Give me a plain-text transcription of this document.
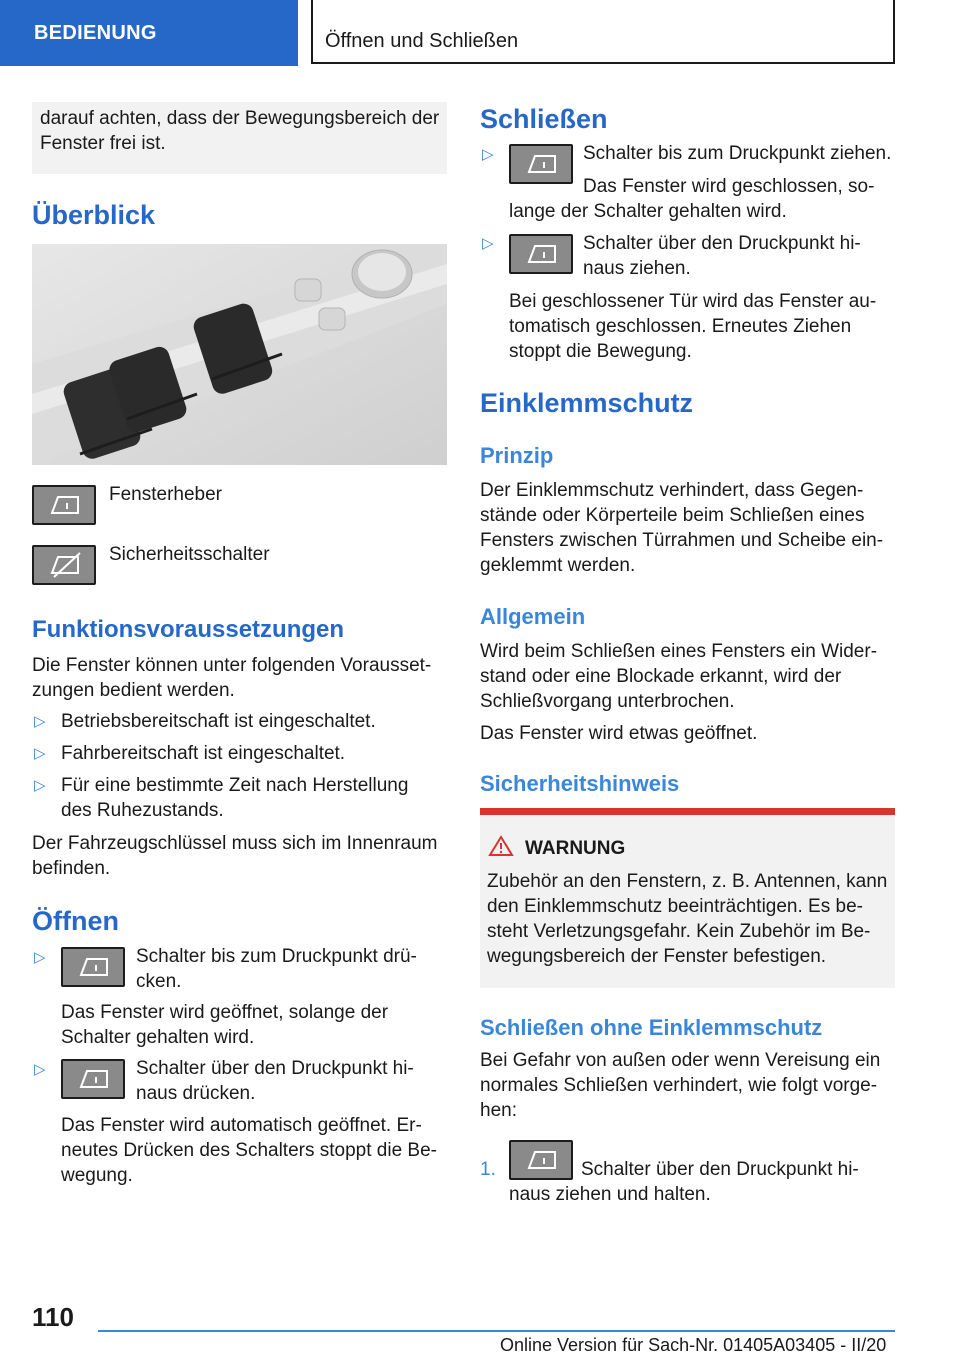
BEDIENUNG	Öffnen und Schließen

darauf achten, dass der Bewegungsbereich der

Fenster frei ist.

Überblick

Fensterheber

Sicherheitsschalter

Funktionsvoraussetzungen

Die Fenster können unter folgenden Vorausset-

zungen bedient werden.

▷ Betriebsbereitschaft ist eingeschaltet.

▷ Fahrbereitschaft ist eingeschaltet.

▷ Für eine bestimmte Zeit nach Herstellung

des Ruhezustands.

Der Fahrzeugschlüssel muss sich im Innenraum

befinden.

Öffnen
▷	Schalter bis zum Druckpunkt drü-

cken.

Das Fenster wird geöffnet, solange der

Schalter gehalten wird.

▷	Schalter über den Druckpunkt hi-

naus drücken.

Das Fenster wird automatisch geöffnet. Er-

neutes Drücken des Schalters stoppt die Be-

wegung.

Schließen
▷	Schalter bis zum Druckpunkt ziehen.

Das Fenster wird geschlossen, so-

lange der Schalter gehalten wird.

▷	Schalter über den Druckpunkt hi-

naus ziehen.

Bei geschlossener Tür wird das Fenster au-

tomatisch geschlossen. Erneutes Ziehen

stoppt die Bewegung.

Einklemmschutz
Prinzip

Der Einklemmschutz verhindert, dass Gegen-

stände oder Körperteile beim Schließen eines

Fensters zwischen Türrahmen und Scheibe ein-

geklemmt werden.

Allgemein

Wird beim Schließen eines Fensters ein Wider-

stand oder eine Blockade erkannt, wird der

Schließvorgang unterbrochen.

Das Fenster wird etwas geöffnet.

Sicherheitshinweis

WARNUNG

Zubehör an den Fenstern, z. B. Antennen, kann

den Einklemmschutz beeinträchtigen. Es be-

steht Verletzungsgefahr. Kein Zubehör im Be-

wegungsbereich der Fenster befestigen.

Schließen ohne Einklemmschutz

Bei Gefahr von außen oder wenn Vereisung ein

normales Schließen verhindert, wie folgt vorge-

hen:

1.	Schalter über den Druckpunkt hi-

naus ziehen und halten.

110

Online Version für Sach-Nr. 01405A03405 - II/20
